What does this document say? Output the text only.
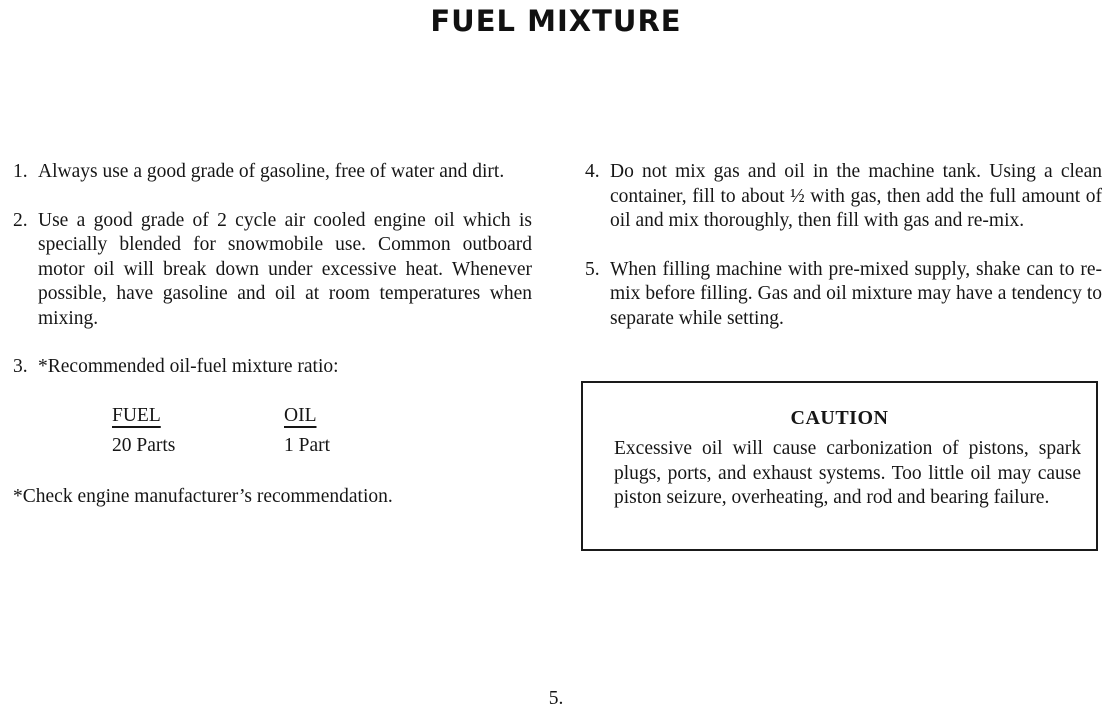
FUEL MIXTURE
1. Always use a good grade of gasoline, free of water and dirt.
2. Use a good grade of 2 cycle air cooled engine oil which is specially blended for snowmobile use. Common outboard motor oil will break down under excessive heat. Whenever possible, have gasoline and oil at room temperatures when mixing.
3. *Recommended oil-fuel mixture ratio:
FUEL	OIL
20 Parts	1 Part
*Check engine manufacturer’s recommendation.
4. Do not mix gas and oil in the machine tank. Using a clean container, fill to about ½ with gas, then add the full amount of oil and mix thoroughly, then fill with gas and re-mix.
5. When filling machine with pre-mixed supply, shake can to re-mix before filling. Gas and oil mixture may have a tendency to separate while setting.
CAUTION
Excessive oil will cause carbonization of pistons, spark plugs, ports, and exhaust systems. Too little oil may cause piston seizure, overheating, and rod and bearing failure.
5.
